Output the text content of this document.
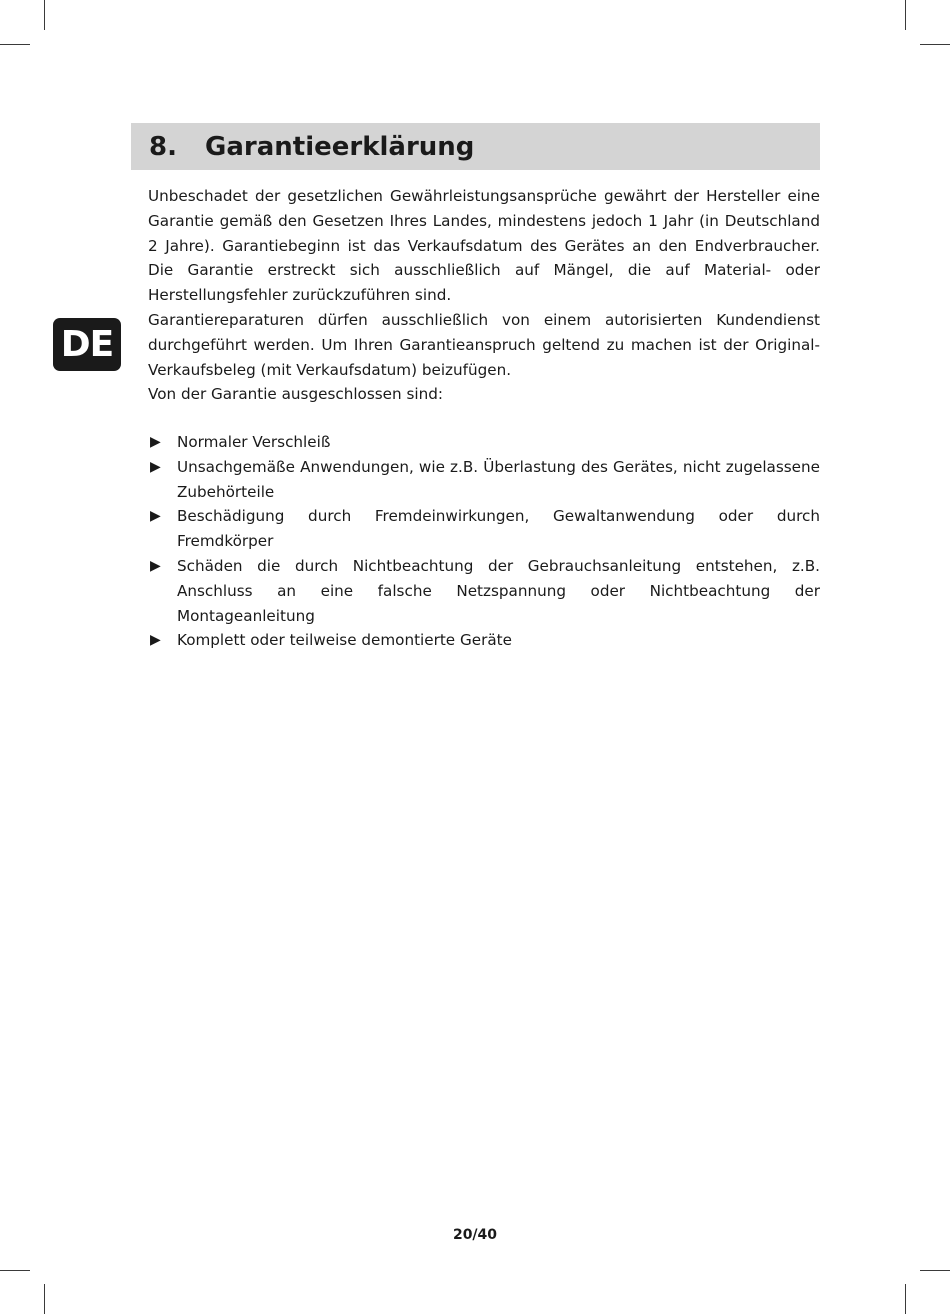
8. Garantieerklärung
DE

Unbeschadet der gesetzlichen Gewährleistungsansprüche gewährt der Hersteller eine Garantie gemäß den Gesetzen Ihres Landes, mindestens jedoch 1 Jahr (in Deutschland 2 Jahre). Garantiebeginn ist das Verkaufsdatum des Gerätes an den Endverbraucher. Die Garantie erstreckt sich ausschließlich auf Mängel, die auf Material- oder Herstellungsfehler zurückzuführen sind.

Garantiereparaturen dürfen ausschließlich von einem autorisierten Kundendienst durchgeführt werden. Um Ihren Garantieanspruch geltend zu machen ist der Original-Verkaufsbeleg (mit Verkaufsdatum) beizufügen.

Von der Garantie ausgeschlossen sind:

▶ Normaler Verschleiß
▶ Unsachgemäße Anwendungen, wie z.B. Überlastung des Gerätes, nicht zugelassene Zubehörteile
▶ Beschädigung durch Fremdeinwirkungen, Gewaltanwendung oder durch Fremdkörper
▶ Schäden die durch Nichtbeachtung der Gebrauchsanleitung entstehen, z.B. Anschluss an eine falsche Netzspannung oder Nichtbeachtung der Montageanleitung
▶ Komplett oder teilweise demontierte Geräte
20/40
